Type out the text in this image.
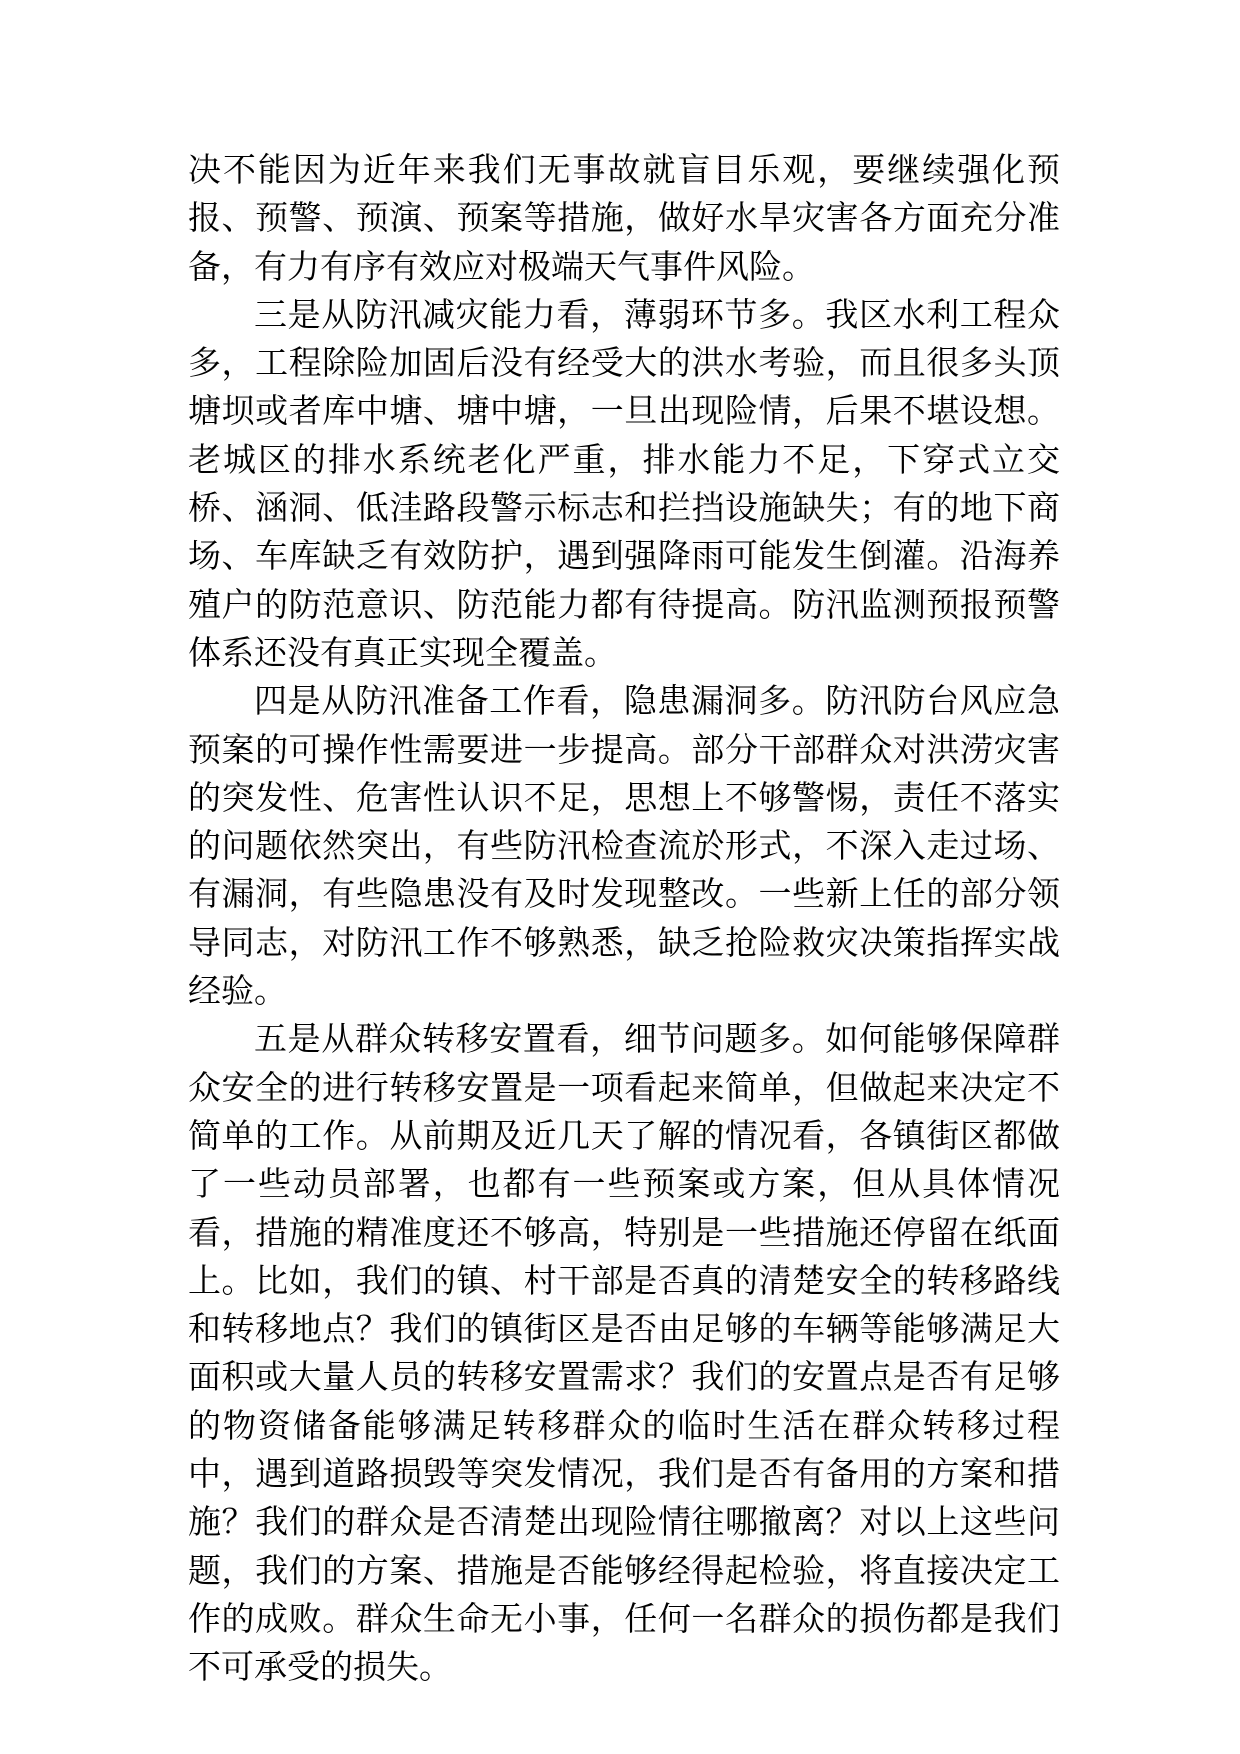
决不能因为近年来我们无事故就盲目乐观，要继续强化预报、预警、预演、预案等措施，做好水旱灾害各方面充分准备，有力有序有效应对极端天气事件风险。

三是从防汛减灾能力看，薄弱环节多。我区水利工程众多，工程除险加固后没有经受大的洪水考验，而且很多头顶塘坝或者库中塘、塘中塘，一旦出现险情，后果不堪设想。老城区的排水系统老化严重，排水能力不足，下穿式立交桥、涵洞、低洼路段警示标志和拦挡设施缺失；有的地下商场、车库缺乏有效防护，遇到强降雨可能发生倒灌。沿海养殖户的防范意识、防范能力都有待提高。防汛监测预报预警体系还没有真正实现全覆盖。

四是从防汛准备工作看，隐患漏洞多。防汛防台风应急预案的可操作性需要进一步提高。部分干部群众对洪涝灾害的突发性、危害性认识不足，思想上不够警惕，责任不落实的问题依然突出，有些防汛检查流於形式，不深入走过场、有漏洞，有些隐患没有及时发现整改。一些新上任的部分领导同志，对防汛工作不够熟悉，缺乏抢险救灾决策指挥实战经验。

五是从群众转移安置看，细节问题多。如何能够保障群众安全的进行转移安置是一项看起来简单，但做起来决定不简单的工作。从前期及近几天了解的情况看，各镇街区都做了一些动员部署，也都有一些预案或方案，但从具体情况看，措施的精准度还不够高，特别是一些措施还停留在纸面上。比如，我们的镇、村干部是否真的清楚安全的转移路线和转移地点？我们的镇街区是否由足够的车辆等能够满足大面积或大量人员的转移安置需求？我们的安置点是否有足够的物资储备能够满足转移群众的临时生活在群众转移过程中，遇到道路损毁等突发情况，我们是否有备用的方案和措施？我们的群众是否清楚出现险情往哪撤离？对以上这些问题，我们的方案、措施是否能够经得起检验，将直接决定工作的成败。群众生命无小事，任何一名群众的损伤都是我们不可承受的损失。
